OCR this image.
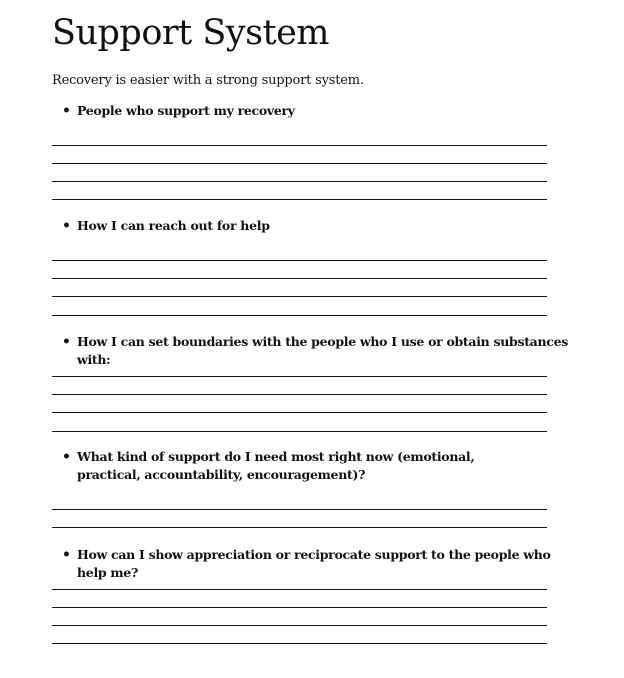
Support System

Recovery is easier with a strong support system.

• People who support my recovery
• How I can reach out for help
• How I can set boundaries with the people who I use or obtain substances with:
• What kind of support do I need most right now (emotional, practical, accountability, encouragement)?
• How can I show appreciation or reciprocate support to the people who help me?
